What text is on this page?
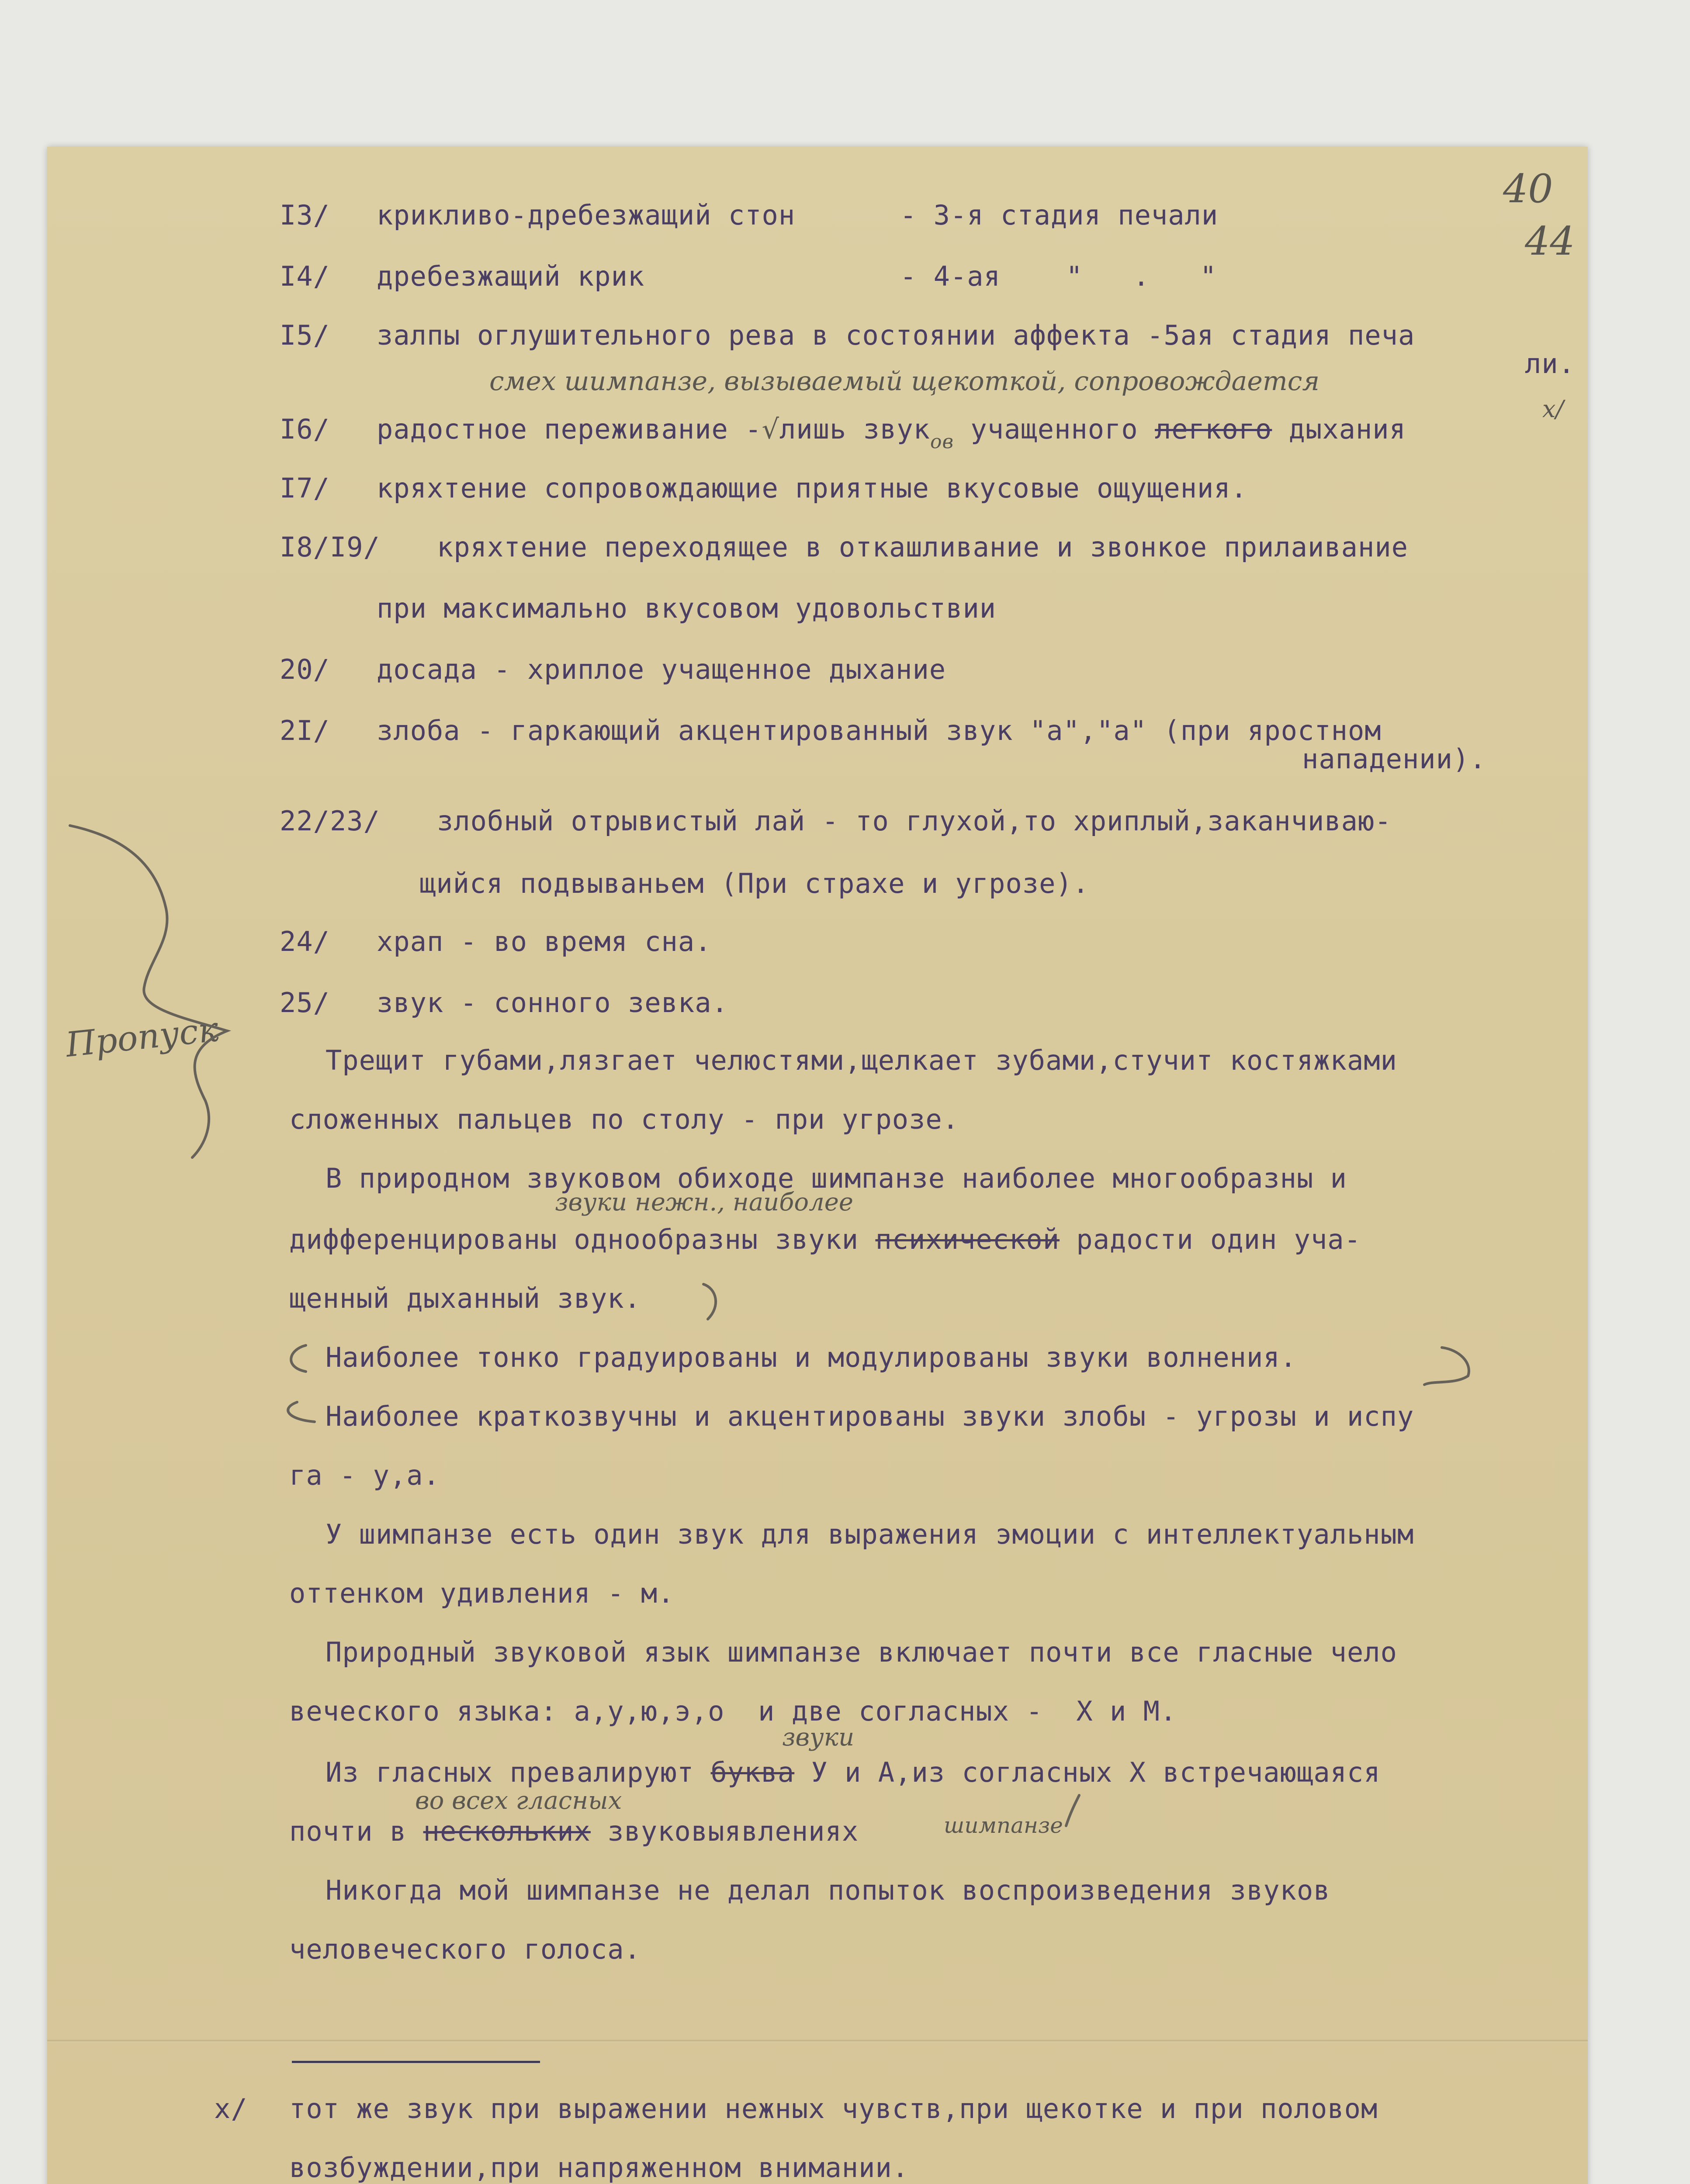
40
44
I3/ крикливо-дребезжащий стон	- 3-я стадия печали
I4/ дребезжащий крик	- 4-ая "   .   "
I5/ залпы оглушительного рева в состоянии аффекта -5ая стадия печа
ли.
смех шимпанзе, вызываемый щекоткой, сопровождается
I6/ радостное переживание -√лишь звук$_{ов}$ учащенного легкого дыхания
x/
I7/ кряхтение сопровождающие приятные вкусовые ощущения.
I8/I9/ кряхтение переходящее в откашливание и звонкое прилаивание
при максимально вкусовом удовольствии
20/ досада - хриплое учащенное дыхание
2I/ злоба - гаркающий акцентированный звук "а","а" (при яростном
нападении).
22/23/ злобный отрывистый лай - то глухой,то хриплый,заканчиваю-
щийся подвываньем (При страхе и угрозе).
24/ храп - во время сна.
25/ звук - сонного зевка.
Пропуск	Трещит губами,лязгает челюстями,щелкает зубами,стучит костяжками
сложенных пальцев по столу - при угрозе.
В природном звуковом обиходе шимпанзе наиболее многообразны и
звуки нежн., наиболее
дифференцированы однообразны звуки психической радости один уча-
щенный дыханный звук.
Наиболее тонко градуированы и модулированы звуки волнения.
Наиболее краткозвучны и акцентированы звуки злобы - угрозы и испу
га - у,а.
У шимпанзе есть один звук для выражения эмоции с интеллектуальным
оттенком удивления - м.
Природный звуковой язык шимпанзе включает почти все гласные чело
веческого языка: а,у,ю,э,о  и две согласных -  Х и М.
звуки
Из гласных превалируют буква У и А,из согласных Х встречающаяся
во всех гласных
почти в нескольких звуковыявлениях	шимпанзе
Никогда мой шимпанзе не делал попыток воспроизведения звуков
человеческого голоса.
x/ тот же звук при выражении нежных чувств,при щекотке и при половом
возбуждении,при напряженном внимании.
